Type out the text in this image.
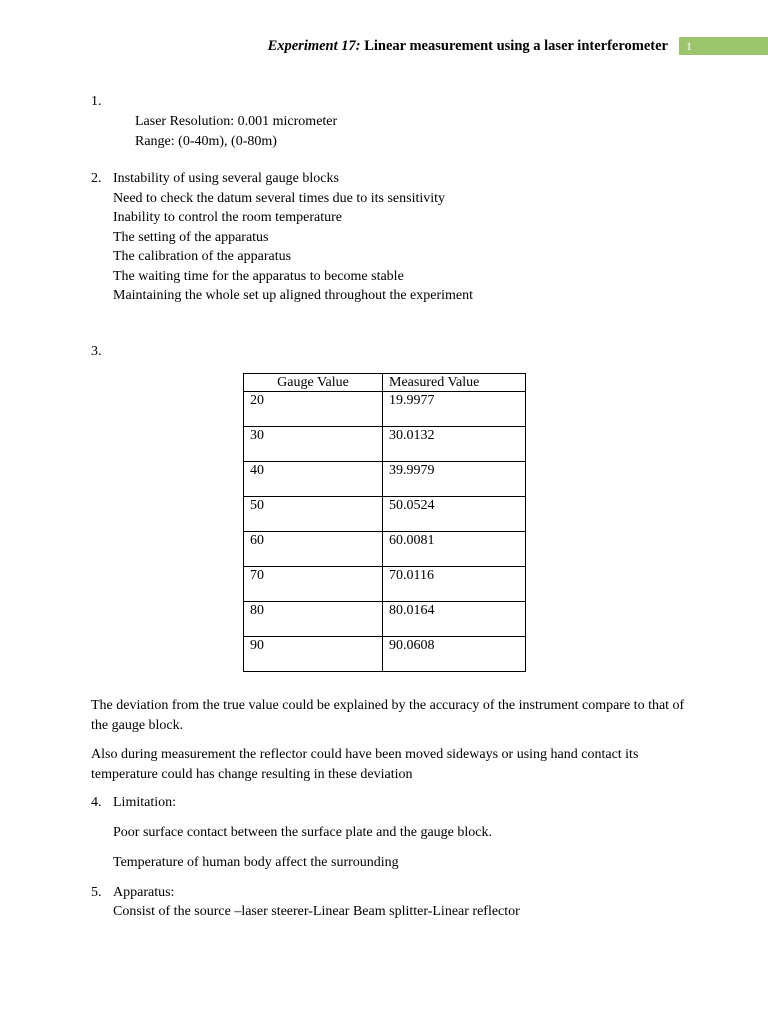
Experiment 17: Linear measurement using a laser interferometer	1
1.
Laser Resolution: 0.001 micrometer
Range: (0-40m), (0-80m)
2. Instability of using several gauge blocks
Need to check the datum several times due to its sensitivity
Inability to control the room temperature
The setting of the apparatus
The calibration of the apparatus
The waiting time for the apparatus to become stable
Maintaining the whole set up aligned throughout the experiment
3.
Gauge Value	Measured Value
20	19.9977
30	30.0132
40	39.9979
50	50.0524
60	60.0081
70	70.0116
80	80.0164
90	90.0608
The deviation from the true value could be explained by the accuracy of the instrument compare to that of the gauge block.
Also during measurement the reflector could have been moved sideways or using hand contact its temperature could has change resulting in these deviation
4. Limitation:
Poor surface contact between the surface plate and the gauge block.
Temperature of human body affect the surrounding
5. Apparatus:
Consist of the source –laser steerer-Linear Beam splitter-Linear reflector
